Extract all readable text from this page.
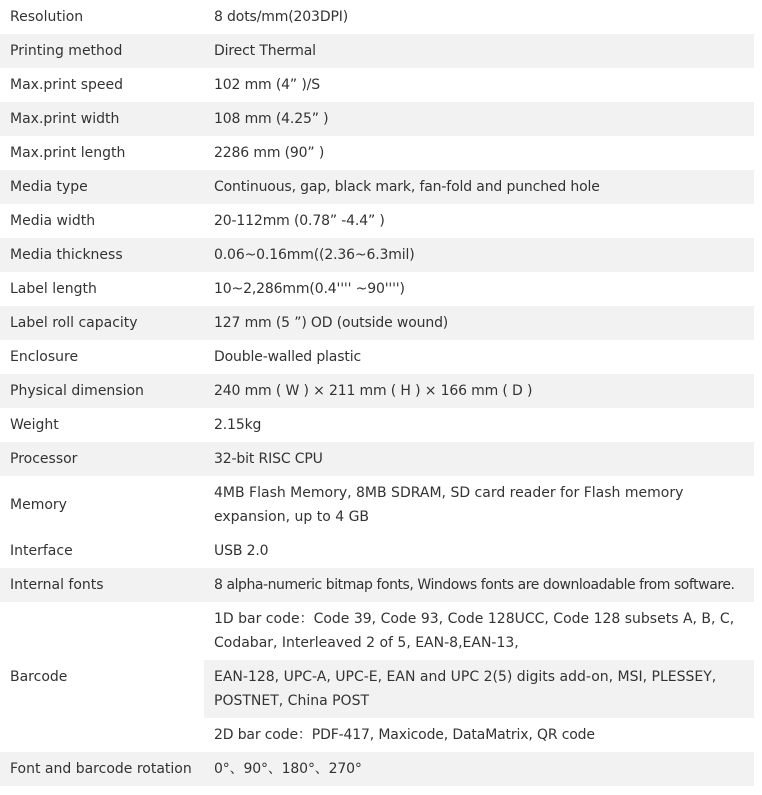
Resolution	8 dots/mm(203DPI)
Printing method	Direct Thermal
Max.print speed	102 mm (4” )/S
Max.print width	108 mm (4.25” )
Max.print length	2286 mm (90” )
Media type	Continuous, gap, black mark, fan-fold and punched hole
Media width	20-112mm (0.78” -4.4” )
Media thickness	0.06~0.16mm((2.36~6.3mil)
Label length	10~2,286mm(0.4'''' ~90'''')
Label roll capacity	127 mm (5 ”) OD (outside wound)
Enclosure	Double-walled plastic
Physical dimension	240 mm ( W ) × 211 mm ( H ) × 166 mm ( D )
Weight	2.15kg
Processor	32-bit RISC CPU
Memory	4MB Flash Memory, 8MB SDRAM, SD card reader for Flash memory expansion, up to 4 GB
Interface	USB 2.0
Internal fonts	8 alpha-numeric bitmap fonts, Windows fonts are downloadable from software.
Barcode	1D bar code：Code 39, Code 93, Code 128UCC, Code 128 subsets A, B, C, Codabar, Interleaved 2 of 5, EAN-8,EAN-13,
	EAN-128, UPC-A, UPC-E, EAN and UPC 2(5) digits add-on, MSI, PLESSEY, POSTNET, China POST
	2D bar code：PDF-417, Maxicode, DataMatrix, QR code
Font and barcode rotation	0°、90°、180°、270°
